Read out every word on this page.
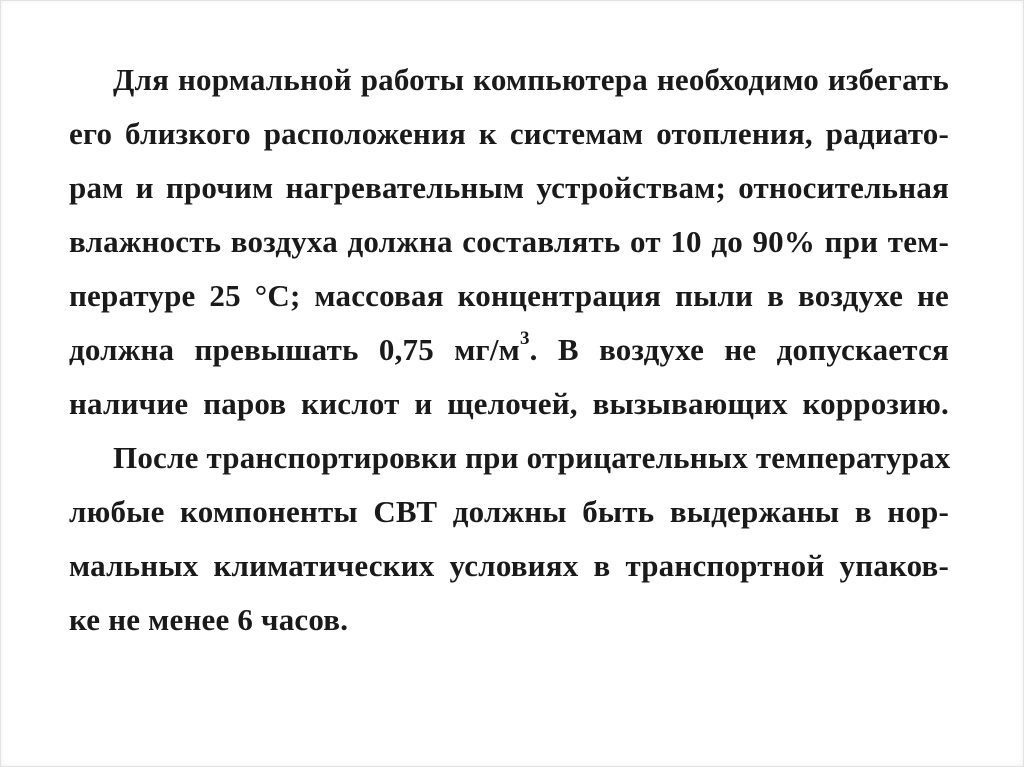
Для нормальной работы компьютера необходимо избегать
его близкого расположения к системам отопления, радиато-
рам и прочим нагревательным устройствам; относительная
влажность воздуха должна составлять от 10 до 90% при тем-
пературе 25 °С; массовая концентрация пыли в воздухе не
должна превышать 0,75 $мг/м^3$. В воздухе не допускается
наличие паров кислот и щелочей, вызывающих коррозию.
После транспортировки при отрицательных температурах
любые компоненты СВТ должны быть выдержаны в нор-
мальных климатических условиях в транспортной упаков-
ке не менее 6 часов.
